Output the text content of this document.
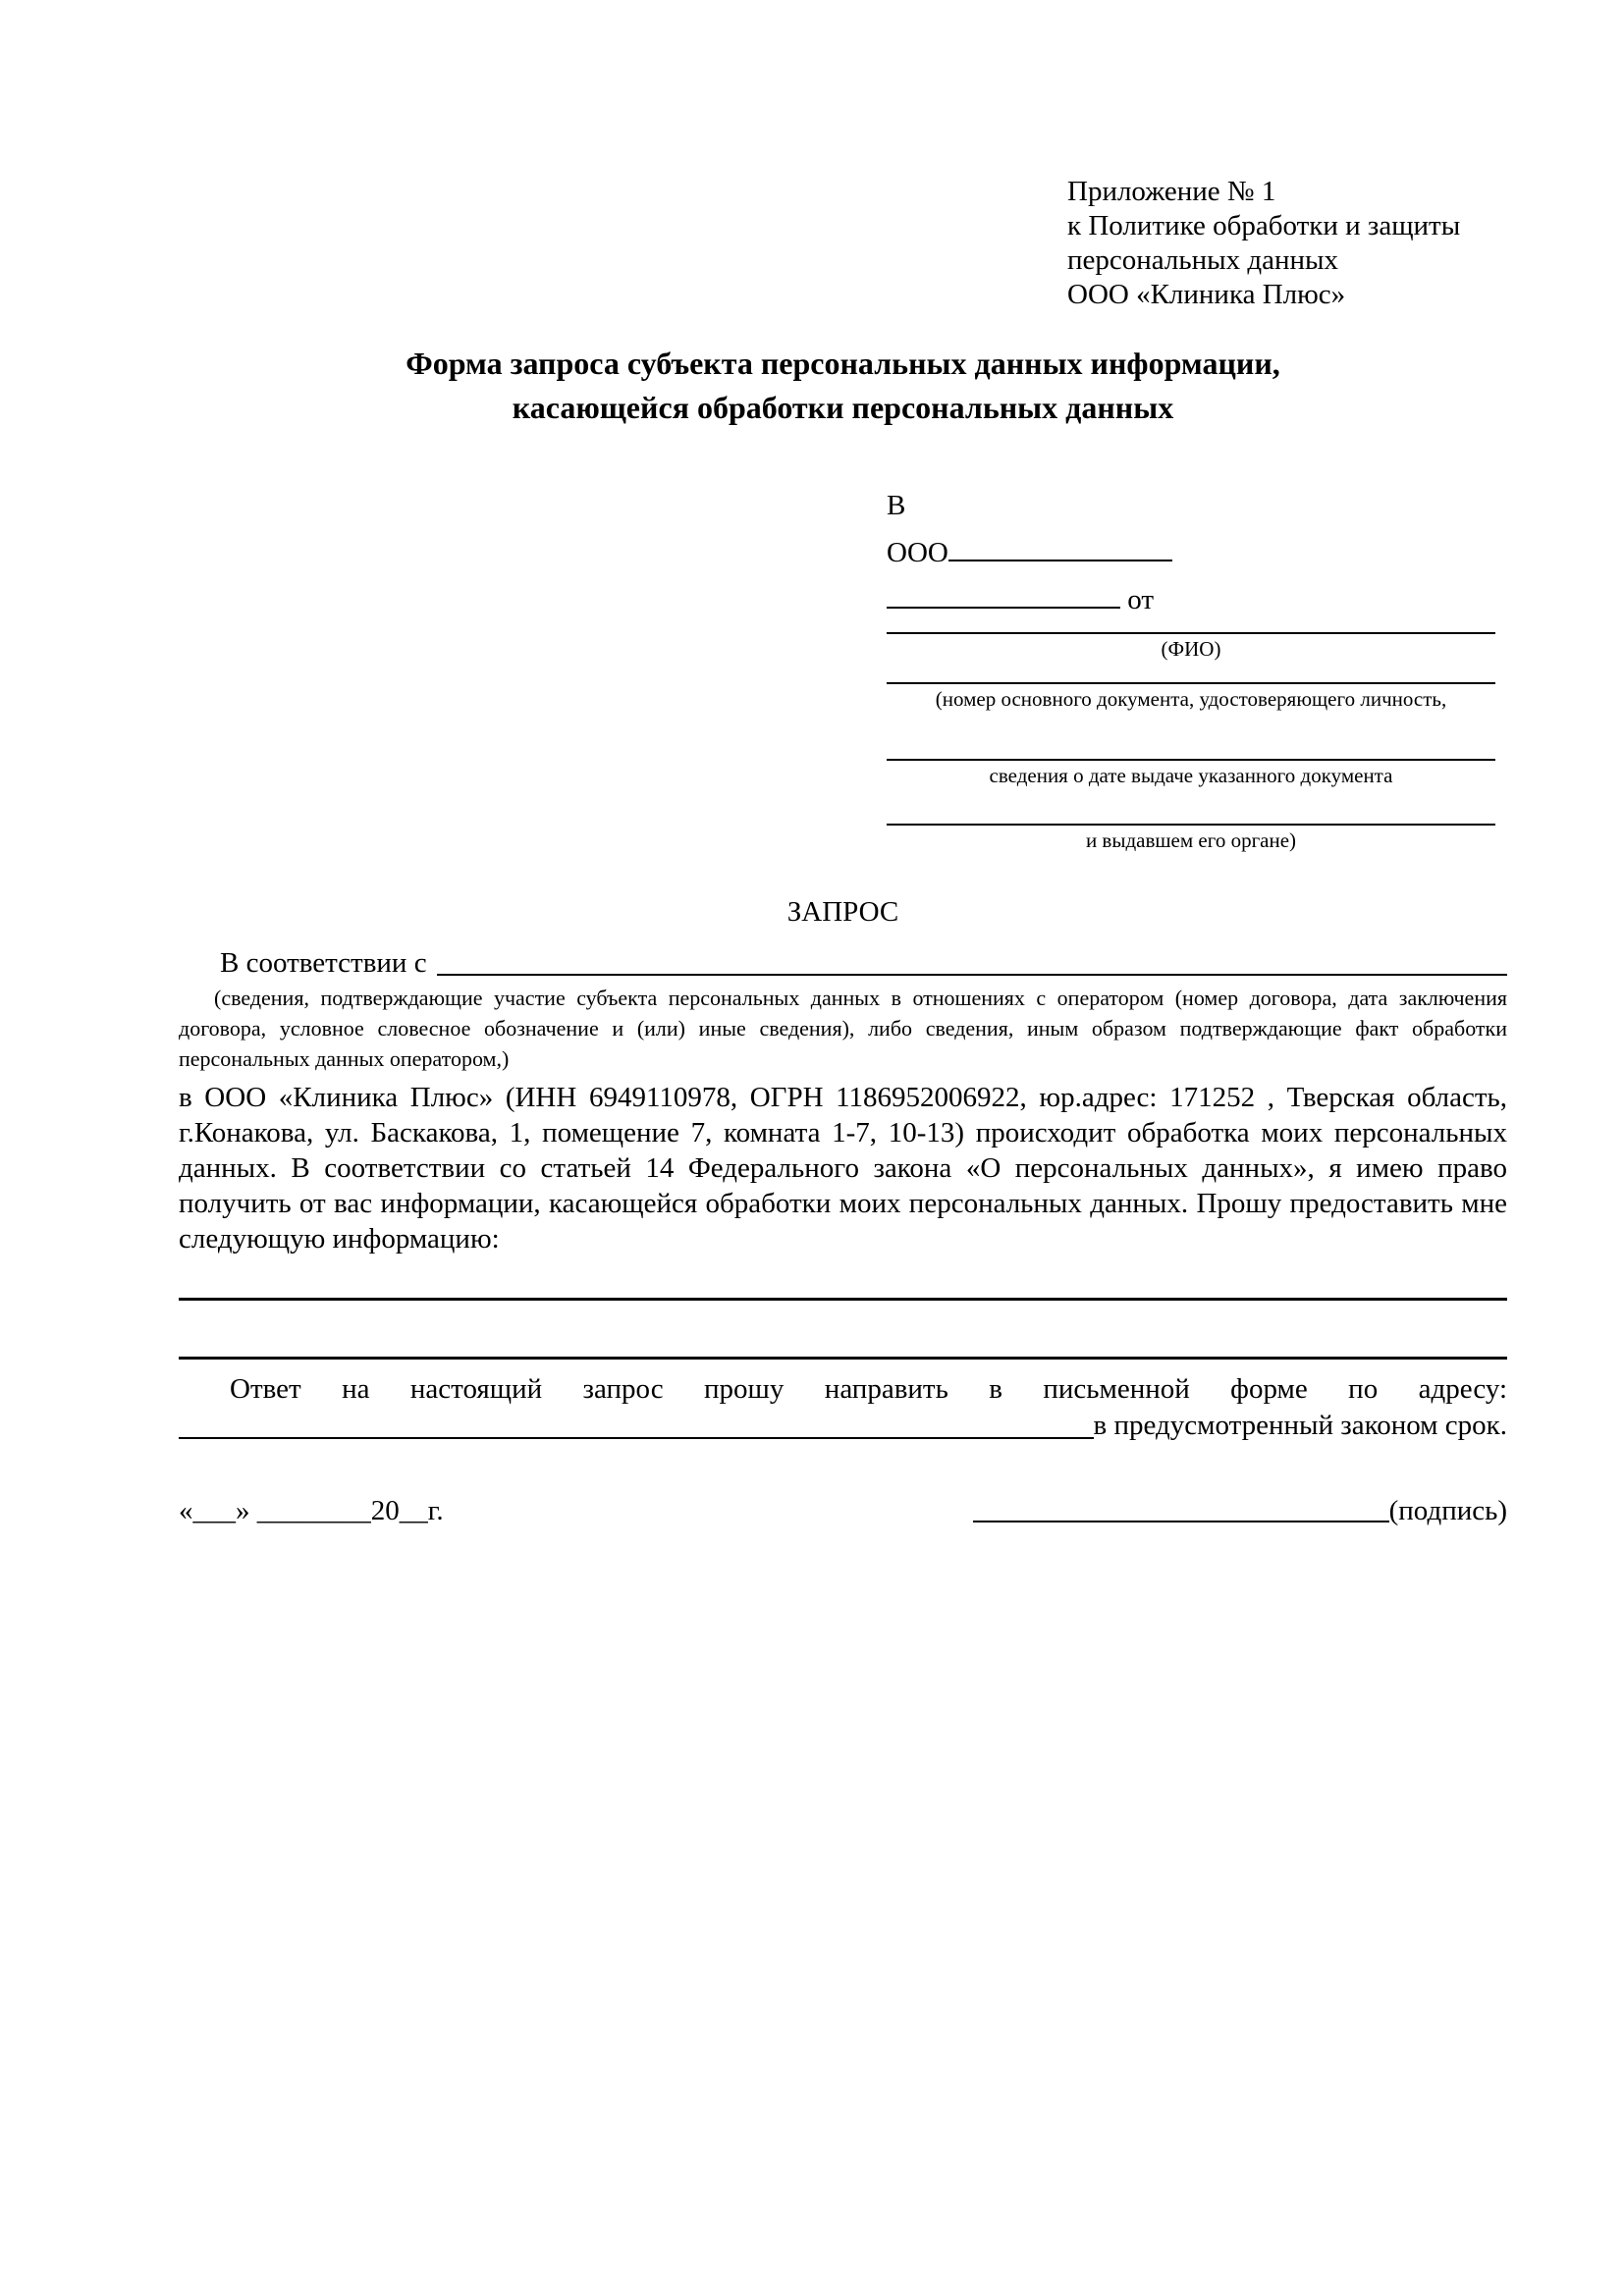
Приложение № 1
к Политике обработки и защиты
персональных данных
ООО «Клиника Плюс»
Форма запроса субъекта персональных данных информации,
касающейся обработки персональных данных
В
ООО
от
(ФИО)
(номер основного документа, удостоверяющего личность,
сведения о дате выдаче указанного документа
и выдавшем его органе)
ЗАПРОС
В соответствии с
(сведения, подтверждающие участие субъекта персональных данных в отношениях с оператором (номер договора, дата заключения договора, условное словесное обозначение и (или) иные сведения), либо сведения, иным образом подтверждающие факт обработки персональных данных оператором,)
в ООО «Клиника Плюс» (ИНН 6949110978, ОГРН 1186952006922, юр.адрес: 171252 , Тверская область, г.Конакова, ул. Баскакова, 1, помещение 7, комната 1-7, 10-13) происходит обработка моих персональных данных. В соответствии со статьей 14 Федерального закона «О персональных данных», я имею право получить от вас информации, касающейся обработки моих персональных данных. Прошу предоставить мне следующую информацию:
Ответ на настоящий запрос прошу направить в письменной форме по адресу:
в предусмотренный законом срок.
«___» ________20__г.	(подпись)
